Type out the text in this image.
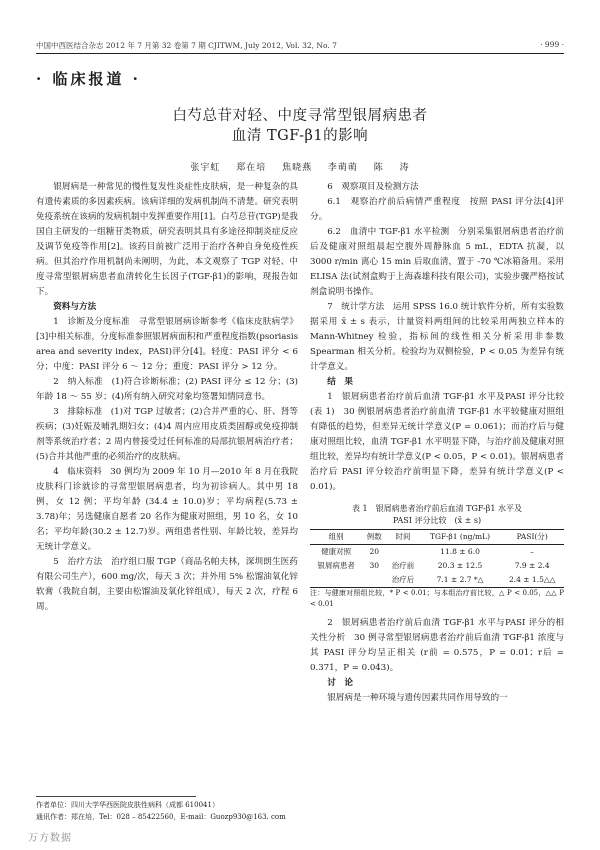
中国中西医结合杂志 2012 年 7 月第 32 卷第 7 期 CJITWM, July 2012, Vol. 32, No. 7	· 999 ·
· 临床报道 ·
白芍总苷对轻、中度寻常型银屑病患者
血清 TGF-β1的影响
张宇虹 郑在培 焦晓燕 李萌萌 陈 涛

银屑病是一种常见的慢性复发性炎症性皮肤病，是一种复杂的具有遗传素质的多因素疾病。该病详细的发病机制尚不清楚。研究表明免疫系统在该病的发病机制中发挥重要作用[1]。白芍总苷(TGP)是我国自主研发的一组糖苷类物质，研究表明其具有多途径抑制炎症反应及调节免疫等作用[2]。该药目前被广泛用于治疗各种自身免疫性疾病。但其治疗作用机制尚未阐明，为此，本文观察了 TGP 对轻、中度寻常型银屑病患者血清转化生长因子(TGF-β1)的影响，现报告如下。

资料与方法

1　诊断及分度标准　寻常型银屑病诊断参考《临床皮肤病学》[3]中相关标准，分度标准参照银屑病面积和严重程度指数(psoriasis area and severity index，PASI)评分[4]。轻度：PASI 评分 < 6 分；中度：PASI 评分 6 ～ 12 分；重度：PASI 评分 > 12 分。

2　纳入标准　(1)符合诊断标准；(2) PASI 评分 ≤ 12 分；(3)年龄 18 ～ 55 岁；(4)所有纳入研究对象均签署知情同意书。

3　排除标准　(1)对 TGP 过敏者；(2)合并严重的心、肝、肾等疾病；(3)妊娠及哺乳期妇女；(4)4 周内应用皮质类固醇或免疫抑制剂等系统治疗者；2 周内曾接受过任何标准的局部抗银屑病治疗者；(5)合并其他严重的必须治疗的皮肤病。

4　临床资料　30 例均为 2009 年 10 月—2010 年 8 月在我院皮肤科门诊就诊的寻常型银屑病患者，均为初诊病人。其中男 18 例，女 12 例；平均年龄 (34.4 ± 10.0)岁；平均病程(5.73 ± 3.78)年；另选健康自愿者 20 名作为健康对照组，男 10 名，女 10 名；平均年龄(30.2 ± 12.7)岁。两组患者性别、年龄比较，差异均无统计学意义。

5　治疗方法　治疗组口服 TGP（商品名帕夫林，深圳朗生医药有限公司生产），600 mg/次，每天 3 次；并外用 5% 松馏油氧化锌软膏（我院自制，主要由松馏油及氧化锌组成），每天 2 次，疗程 6 周。

6　观察项目及检测方法

6.1　观察治疗前后病情严重程度　按照 PASI 评分法[4]评分。

6.2　血清中 TGF-β1 水平检测　分别采集银屑病患者治疗前后及健康对照组晨起空腹外周静脉血 5 mL，EDTA 抗凝，以 3000 r/min 离心 15 min 后取血清，置于 -70 ℃冰箱备用。采用 ELISA 法(试剂盒购于上海森雄科技有限公司)，实验步骤严格按试剂盒说明书操作。

7　统计学方法　运用 SPSS 16.0 统计软件分析，所有实验数据采用 x̄ ± s 表示，计量资料两组间的比较采用两独立样本的 Mann-Whitney 检验，指标间的线性相关分析采用非参数 Spearman 相关分析。检验均为双侧检验，P < 0.05 为差异有统计学意义。

结　果

1　银屑病患者治疗前后血清 TGF-β1 水平及PASI 评分比较(表 1)　30 例银屑病患者治疗前血清 TGF-β1 水平较健康对照组有降低的趋势，但差异无统计学意义(P = 0.061)；而治疗后与健康对照组比较，血清 TGF-β1 水平明显下降，与治疗前及健康对照组比较，差异均有统计学意义(P < 0.05，P < 0.01)。银屑病患者治疗后 PASI 评分较治疗前明显下降，差异有统计学意义(P < 0.01)。

表 1　银屑病患者治疗前后血清 TGF-β1 水平及
PASI 评分比较　(x̄ ± s)
组别	例数	时间	TGF-β1 (ng/mL)	PASI(分)
健康对照	20		11.8 ± 6.0	–
银屑病患者	30	治疗前	20.3 ± 12.5	7.9 ± 2.4
		治疗后	7.1 ± 2.7 *△	2.4 ± 1.5△△
注：与健康对照组比较，* P < 0.01；与本组治疗前比较，△ P < 0.05，△△ P < 0.01

2　银屑病患者治疗前后血清 TGF-β1 水平与PASI 评分的相关性分析　30 例寻常型银屑病患者治疗前后血清 TGF-β1 浓度与其 PASI 评分均呈正相关 (r前 = 0.575，P = 0.01；r后 = 0.371，P = 0.043)。

讨　论

银屑病是一种环境与遗传因素共同作用导致的一

作者单位：四川大学华西医院皮肤性病科（成都 610041）
通讯作者：郑在培，Tel：028 – 85422560，E-mail：Guozp930@163. com
万方数据
